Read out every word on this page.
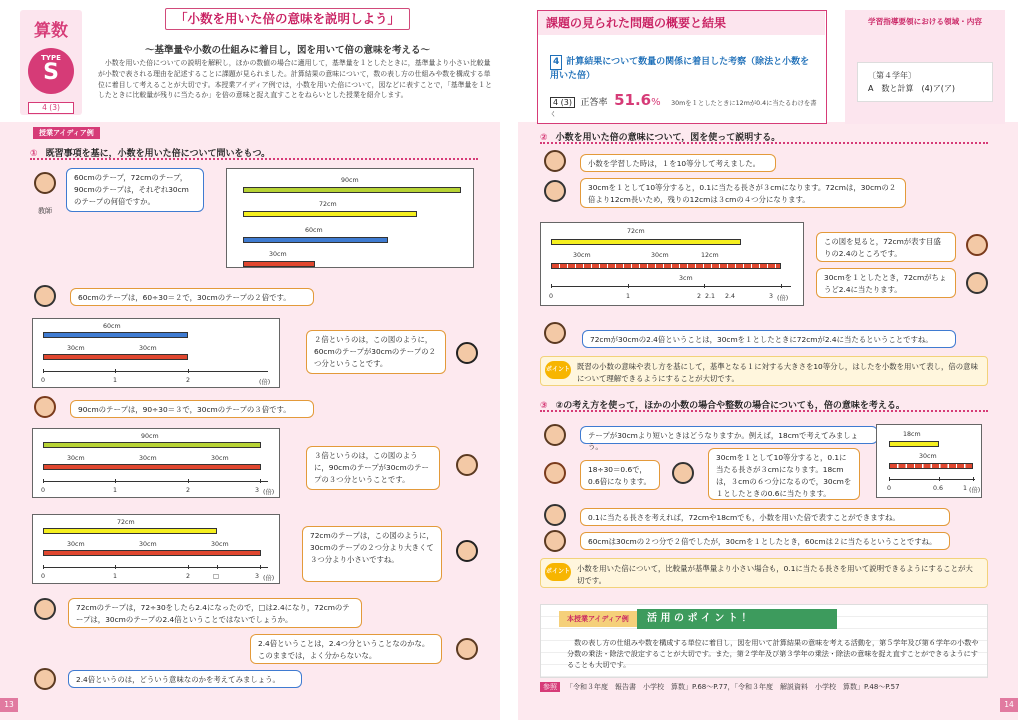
算数
TYPE
S
4 (3)
「小数を用いた倍の意味を説明しよう」
～基準量や小数の仕組みに着目し，図を用いて倍の意味を考える～
小数を用いた倍についての説明を解釈し，ほかの数値の場合に適用して，基準量を１としたときに，基準量より小さい比較量が小数で表される理由を記述することに課題が見られました。計算結果の意味について，数の表し方の仕組みや数を構成する単位に着目して考えることが大切です。本授業アイディア例では，小数を用いた倍について，図などに表すことで，「基準量を１としたときに比較量が残りに当たるか」を倍の意味と捉え直すことをねらいとした授業を紹介します。
授業アイディア例
① 既習事項を基に，小数を用いた倍について問いをもつ。
教師
60cmのテープ，72cmのテープ，90cmのテープは，それぞれ30cmのテープの何倍ですか。
90cm
72cm
60cm
30cm
60cmのテープは，60÷30＝２で，30cmのテープの２倍です。
60cm
30cm	30cm
0	1	2	(倍)
２倍というのは，この図のように，60cmのテープが30cmのテープの２つ分ということです。
90cmのテープは，90÷30＝３で，30cmのテープの３倍です。
90cm
30cm	30cm	30cm
0	1	2	3 (倍)
３倍というのは，この図のように，90cmのテープが30cmのテープの３つ分ということです。
72cm
30cm	30cm	30cm
0	1	2	□	3 (倍)
72cmのテープは，この図のように，30cmのテープの２つ分より大きくて３つ分より小さいですね。
72cmのテープは，72÷30をしたら2.4になったので，□は2.4になり，72cmのテープは，30cmのテープの2.4倍ということではないでしょうか。
2.4倍ということは，2.4つ分ということなのかな。このままでは，よく分からないな。
2.4倍というのは，どういう意味なのかを考えてみましょう。
13
課題の見られた問題の概要と結果
4 計算結果について数量の関係に着目した考察（除法と小数を用いた倍）
4 (3) 正答率 51.6% 30mを１としたときに12mが0.4に当たるわけを書く
学習指導要領における領域・内容
〔第４学年〕
A　数と計算　(4)ア(ア)
② 小数を用いた倍の意味について，図を使って説明する。
小数を学習した時は，１を10等分して考えました。
30cmを１として10等分すると，0.1に当たる長さが３cmになります。72cmは，30cmの２倍より12cm長いため，残りの12cmは３cmの４つ分になります。
72cm
30cm	30cm	12cm
3cm
0	1	2 2.1 2.4	3 (倍)
この図を見ると，72cmが表す目盛りの2.4のところです。
30cmを１としたとき，72cmがちょうど2.4に当たります。
72cmが30cmの2.4倍ということは，30cmを１としたときに72cmが2.4に当たるということですね。
ポイント 既習の小数の意味や表し方を基にして，基準となる１に対する大きさを10等分し，はしたを小数を用いて表し，倍の意味について理解できるようにすることが大切です。
③ ②の考え方を使って，ほかの小数の場合や整数の場合についても，倍の意味を考える。
テープが30cmより短いときはどうなりますか。例えば，18cmで考えてみましょう。
18÷30＝0.6で，0.6倍になります。
30cmを１として10等分すると，0.1に当たる長さが３cmになります。18cmは，３cmの６つ分になるので，30cmを１としたときの0.6に当たります。
18cm
30cm
0	0.6	1 (倍)
0.1に当たる長さを考えれば，72cmや18cmでも，小数を用いた倍で表すことができますね。
60cmは30cmの２つ分で２倍でしたが，30cmを１としたとき，60cmは２に当たるということですね。
ポイント 小数を用いた倍について，比較量が基準量より小さい場合も，0.1に当たる長さを用いて説明できるようにすることが大切です。
本授業アイディア例	活 用 の ポ イ ン ト ！
数の表し方の仕組みや数を構成する単位に着目し，図を用いて計算結果の意味を考える活動を，第５学年及び第６学年の小数や分数の乗法・除法で設定することが大切です。また，第２学年及び第３学年の乗法・除法の意味を捉え直すことができるようにすることも大切です。
参照 「令和３年度　報告書　小学校　算数」P.68～P.77，「令和３年度　解説資料　小学校　算数」P.48～P.57
14
